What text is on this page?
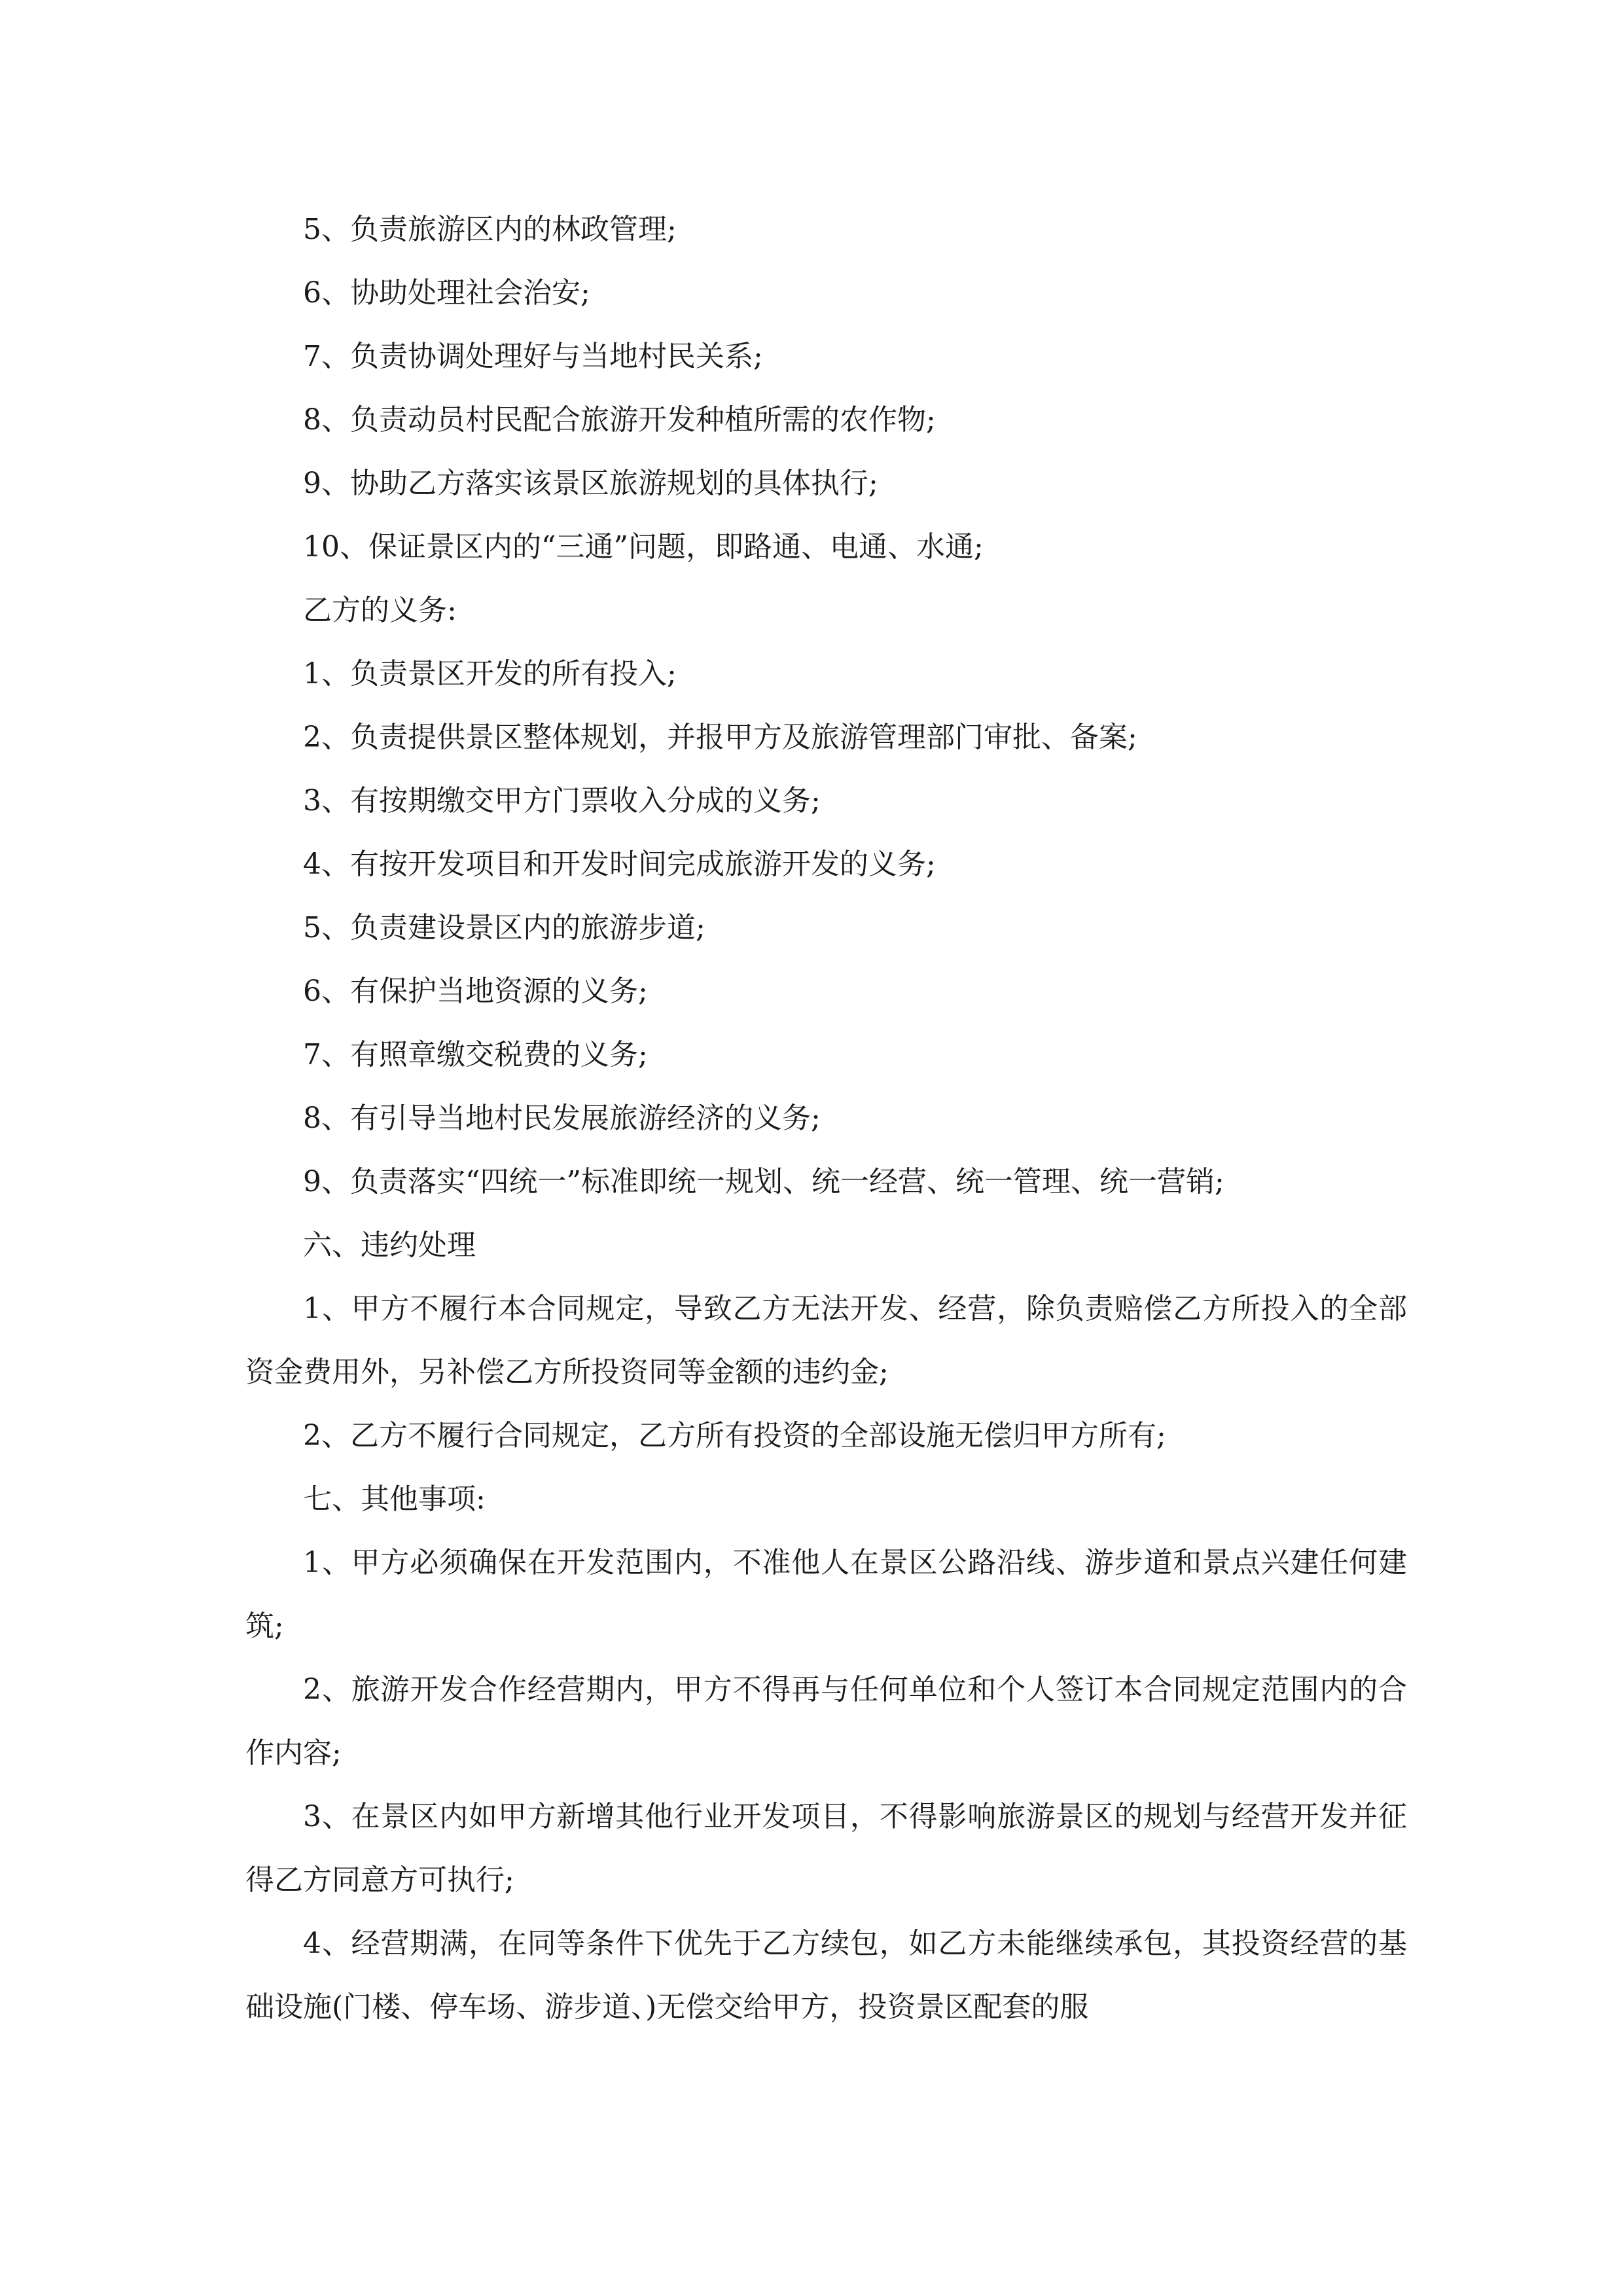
5、负责旅游区内的林政管理;

6、协助处理社会治安;

7、负责协调处理好与当地村民关系;

8、负责动员村民配合旅游开发种植所需的农作物;

9、协助乙方落实该景区旅游规划的具体执行;

10、保证景区内的“三通”问题，即路通、电通、水通;

乙方的义务:

1、负责景区开发的所有投入;

2、负责提供景区整体规划，并报甲方及旅游管理部门审批、备案;

3、有按期缴交甲方门票收入分成的义务;

4、有按开发项目和开发时间完成旅游开发的义务;

5、负责建设景区内的旅游步道;

6、有保护当地资源的义务;

7、有照章缴交税费的义务;

8、有引导当地村民发展旅游经济的义务;

9、负责落实“四统一”标准即统一规划、统一经营、统一管理、统一营销;

六、违约处理

1、甲方不履行本合同规定，导致乙方无法开发、经营，除负责赔偿乙方所投入的全部资金费用外，另补偿乙方所投资同等金额的违约金;

2、乙方不履行合同规定，乙方所有投资的全部设施无偿归甲方所有;

七、其他事项:

1、甲方必须确保在开发范围内，不准他人在景区公路沿线、游步道和景点兴建任何建筑;

2、旅游开发合作经营期内，甲方不得再与任何单位和个人签订本合同规定范围内的合作内容;

3、在景区内如甲方新增其他行业开发项目，不得影响旅游景区的规划与经营开发并征得乙方同意方可执行;

4、经营期满，在同等条件下优先于乙方续包，如乙方未能继续承包，其投资经营的基础设施(门楼、停车场、游步道、)无偿交给甲方，投资景区配套的服
